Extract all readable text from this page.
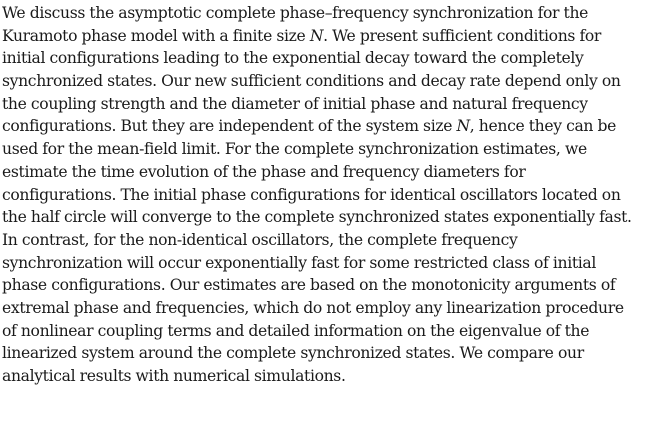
We discuss the asymptotic complete phase–frequency synchronization for the
Kuramoto phase model with a finite size N. We present sufficient conditions for
initial configurations leading to the exponential decay toward the completely
synchronized states. Our new sufficient conditions and decay rate depend only on
the coupling strength and the diameter of initial phase and natural frequency
configurations. But they are independent of the system size N, hence they can be
used for the mean-field limit. For the complete synchronization estimates, we
estimate the time evolution of the phase and frequency diameters for
configurations. The initial phase configurations for identical oscillators located on
the half circle will converge to the complete synchronized states exponentially fast.
In contrast, for the non-identical oscillators, the complete frequency
synchronization will occur exponentially fast for some restricted class of initial
phase configurations. Our estimates are based on the monotonicity arguments of
extremal phase and frequencies, which do not employ any linearization procedure
of nonlinear coupling terms and detailed information on the eigenvalue of the
linearized system around the complete synchronized states. We compare our
analytical results with numerical simulations.
